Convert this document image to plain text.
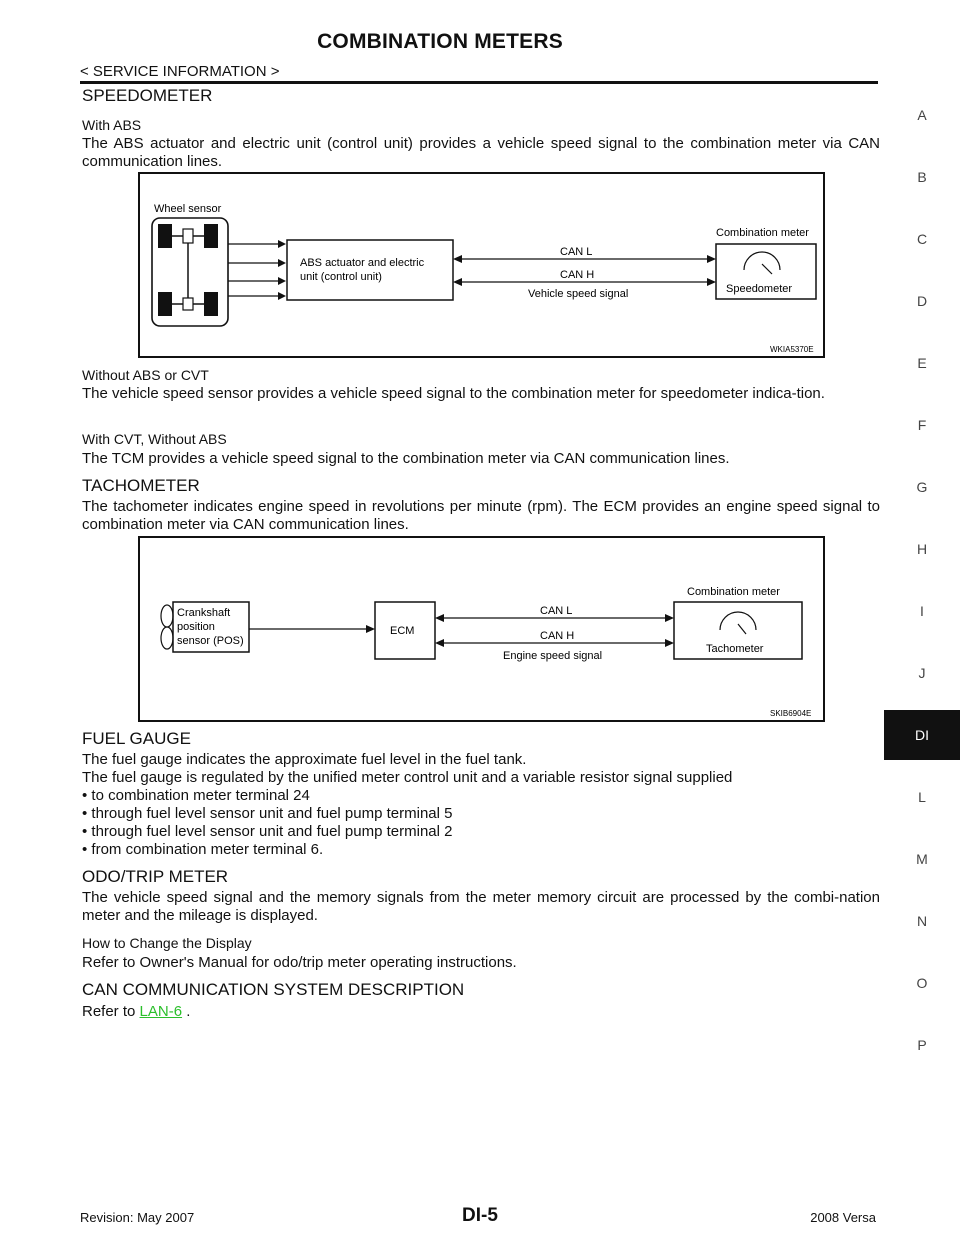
COMBINATION METERS
< SERVICE INFORMATION >
SPEEDOMETER
With ABS
The ABS actuator and electric unit (control unit) provides a vehicle speed signal to the combination meter via CAN communication lines.
Wheel sensor
ABS actuator and electric
unit (control unit)
CAN L
CAN H
Vehicle speed signal
Combination meter
Speedometer
WKIA5370E
Without ABS or CVT
The vehicle speed sensor provides a vehicle speed signal to the combination meter for speedometer indica-tion.
With CVT, Without ABS
The TCM provides a vehicle speed signal to the combination meter via CAN communication lines.
TACHOMETER
The tachometer indicates engine speed in revolutions per minute (rpm). The ECM provides an engine speed signal to combination meter via CAN communication lines.
Crankshaft
position
sensor (POS)
ECM
CAN L
CAN H
Engine speed signal
Combination meter
Tachometer
SKIB6904E
FUEL GAUGE
The fuel gauge indicates the approximate fuel level in the fuel tank.
The fuel gauge is regulated by the unified meter control unit and a variable resistor signal supplied
• to combination meter terminal 24
• through fuel level sensor unit and fuel pump terminal 5
• through fuel level sensor unit and fuel pump terminal 2
• from combination meter terminal 6.
ODO/TRIP METER
The vehicle speed signal and the memory signals from the meter memory circuit are processed by the combi-nation meter and the mileage is displayed.
How to Change the Display
Refer to Owner's Manual for odo/trip meter operating instructions.
CAN COMMUNICATION SYSTEM DESCRIPTION
Refer to LAN-6 .
A
B
C
D
E
F
G
H
I
J
DI
L
M
N
O
P
Revision: May 2007	DI-5	2008 Versa
